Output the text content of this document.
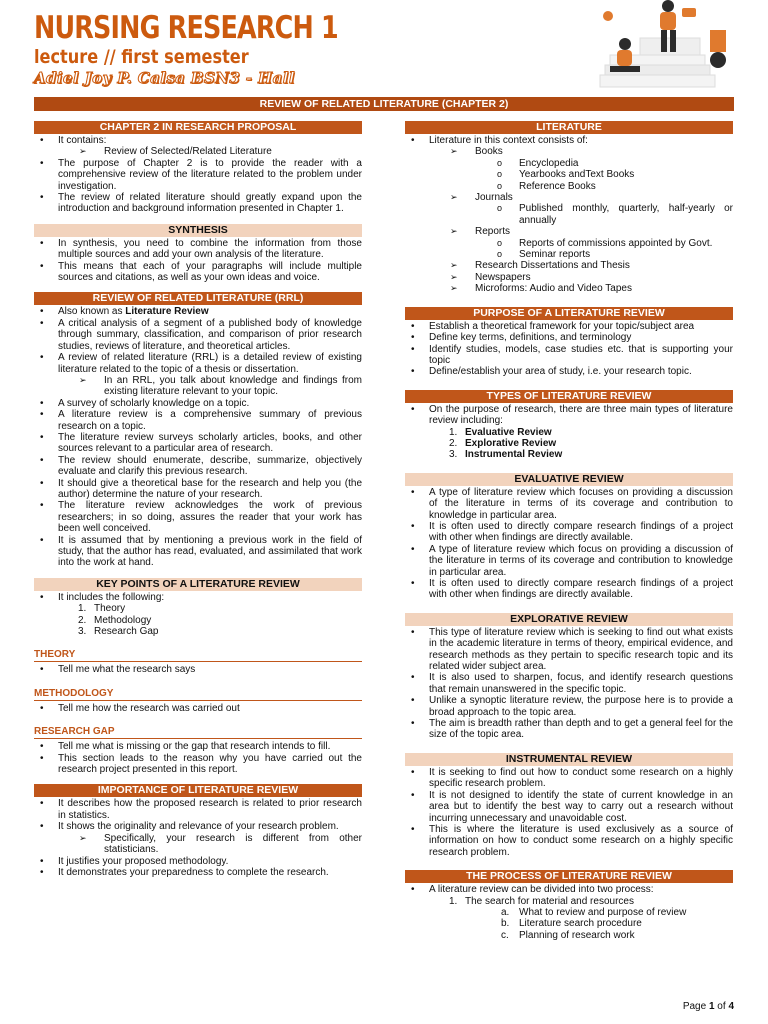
NURSING RESEARCH 1
lecture // first semester
Adiel Joy P. Calsa BSN3 - Hall
REVIEW OF RELATED LITERATURE (CHAPTER 2)
CHAPTER 2 IN RESEARCH PROPOSAL
• It contains:
➢ Review of Selected/Related Literature
• The purpose of Chapter 2 is to provide the reader with a comprehensive review of the literature related to the problem under investigation.
• The review of related literature should greatly expand upon the introduction and background information presented in Chapter 1.
SYNTHESIS
• In synthesis, you need to combine the information from those multiple sources and add your own analysis of the literature.
• This means that each of your paragraphs will include multiple sources and citations, as well as your own ideas and voice.
REVIEW OF RELATED LITERATURE (RRL)
• Also known as Literature Review
• A critical analysis of a segment of a published body of knowledge through summary, classification, and comparison of prior research studies, reviews of literature, and theoretical articles.
• A review of related literature (RRL) is a detailed review of existing literature related to the topic of a thesis or dissertation.
➢ In an RRL, you talk about knowledge and findings from existing literature relevant to your topic.
• A survey of scholarly knowledge on a topic.
• A literature review is a comprehensive summary of previous research on a topic.
• The literature review surveys scholarly articles, books, and other sources relevant to a particular area of research.
• The review should enumerate, describe, summarize, objectively evaluate and clarify this previous research.
• It should give a theoretical base for the research and help you (the author) determine the nature of your research.
• The literature review acknowledges the work of previous researchers; in so doing, assures the reader that your work has been well conceived.
• It is assumed that by mentioning a previous work in the field of study, that the author has read, evaluated, and assimilated that work into the work at hand.
KEY POINTS OF A LITERATURE REVIEW
• It includes the following:
1. Theory
2. Methodology
3. Research Gap
THEORY
• Tell me what the research says
METHODOLOGY
• Tell me how the research was carried out
RESEARCH GAP
• Tell me what is missing or the gap that research intends to fill.
• This section leads to the reason why you have carried out the research project presented in this report.
IMPORTANCE OF LITERATURE REVIEW
• It describes how the proposed research is related to prior research in statistics.
• It shows the originality and relevance of your research problem.
➢ Specifically, your research is different from other statisticians.
• It justifies your proposed methodology.
• It demonstrates your preparedness to complete the research.
LITERATURE
• Literature in this context consists of:
➢ Books
o Encyclopedia
o Yearbooks andText Books
o Reference Books
➢ Journals
o Published monthly, quarterly, half-yearly or annually
➢ Reports
o Reports of commissions appointed by Govt.
o Seminar reports
➢ Research Dissertations and Thesis
➢ Newspapers
➢ Microforms: Audio and Video Tapes
PURPOSE OF A LITERATURE REVIEW
• Establish a theoretical framework for your topic/subject area
• Define key terms, definitions, and terminology
• Identify studies, models, case studies etc. that is supporting your topic
• Define/establish your area of study, i.e. your research topic.
TYPES OF LITERATURE REVIEW
• On the purpose of research, there are three main types of literature review including:
1. Evaluative Review
2. Explorative Review
3. Instrumental Review
EVALUATIVE REVIEW
• A type of literature review which focuses on providing a discussion of the literature in terms of its coverage and contribution to knowledge in particular area.
• It is often used to directly compare research findings of a project with other when findings are directly available.
• A type of literature review which focus on providing a discussion of the literature in terms of its coverage and contribution to knowledge in particular area.
• It is often used to directly compare research findings of a project with other when findings are directly available.
EXPLORATIVE REVIEW
• This type of literature review which is seeking to find out what exists in the academic literature in terms of theory, empirical evidence, and research methods as they pertain to specific research topic and its related wider subject area.
• It is also used to sharpen, focus, and identify research questions that remain unanswered in the specific topic.
• Unlike a synoptic literature review, the purpose here is to provide a broad approach to the topic area.
• The aim is breadth rather than depth and to get a general feel for the size of the topic area.
INSTRUMENTAL REVIEW
• It is seeking to find out how to conduct some research on a highly specific research problem.
• It is not designed to identify the state of current knowledge in an area but to identify the best way to carry out a research without incurring unnecessary and unavoidable cost.
• This is where the literature is used exclusively as a source of information on how to conduct some research on a highly specific research problem.
THE PROCESS OF LITERATURE REVIEW
• A literature review can be divided into two process:
1. The search for material and resources
a. What to review and purpose of review
b. Literature search procedure
c. Planning of research work
Page 1 of 4
